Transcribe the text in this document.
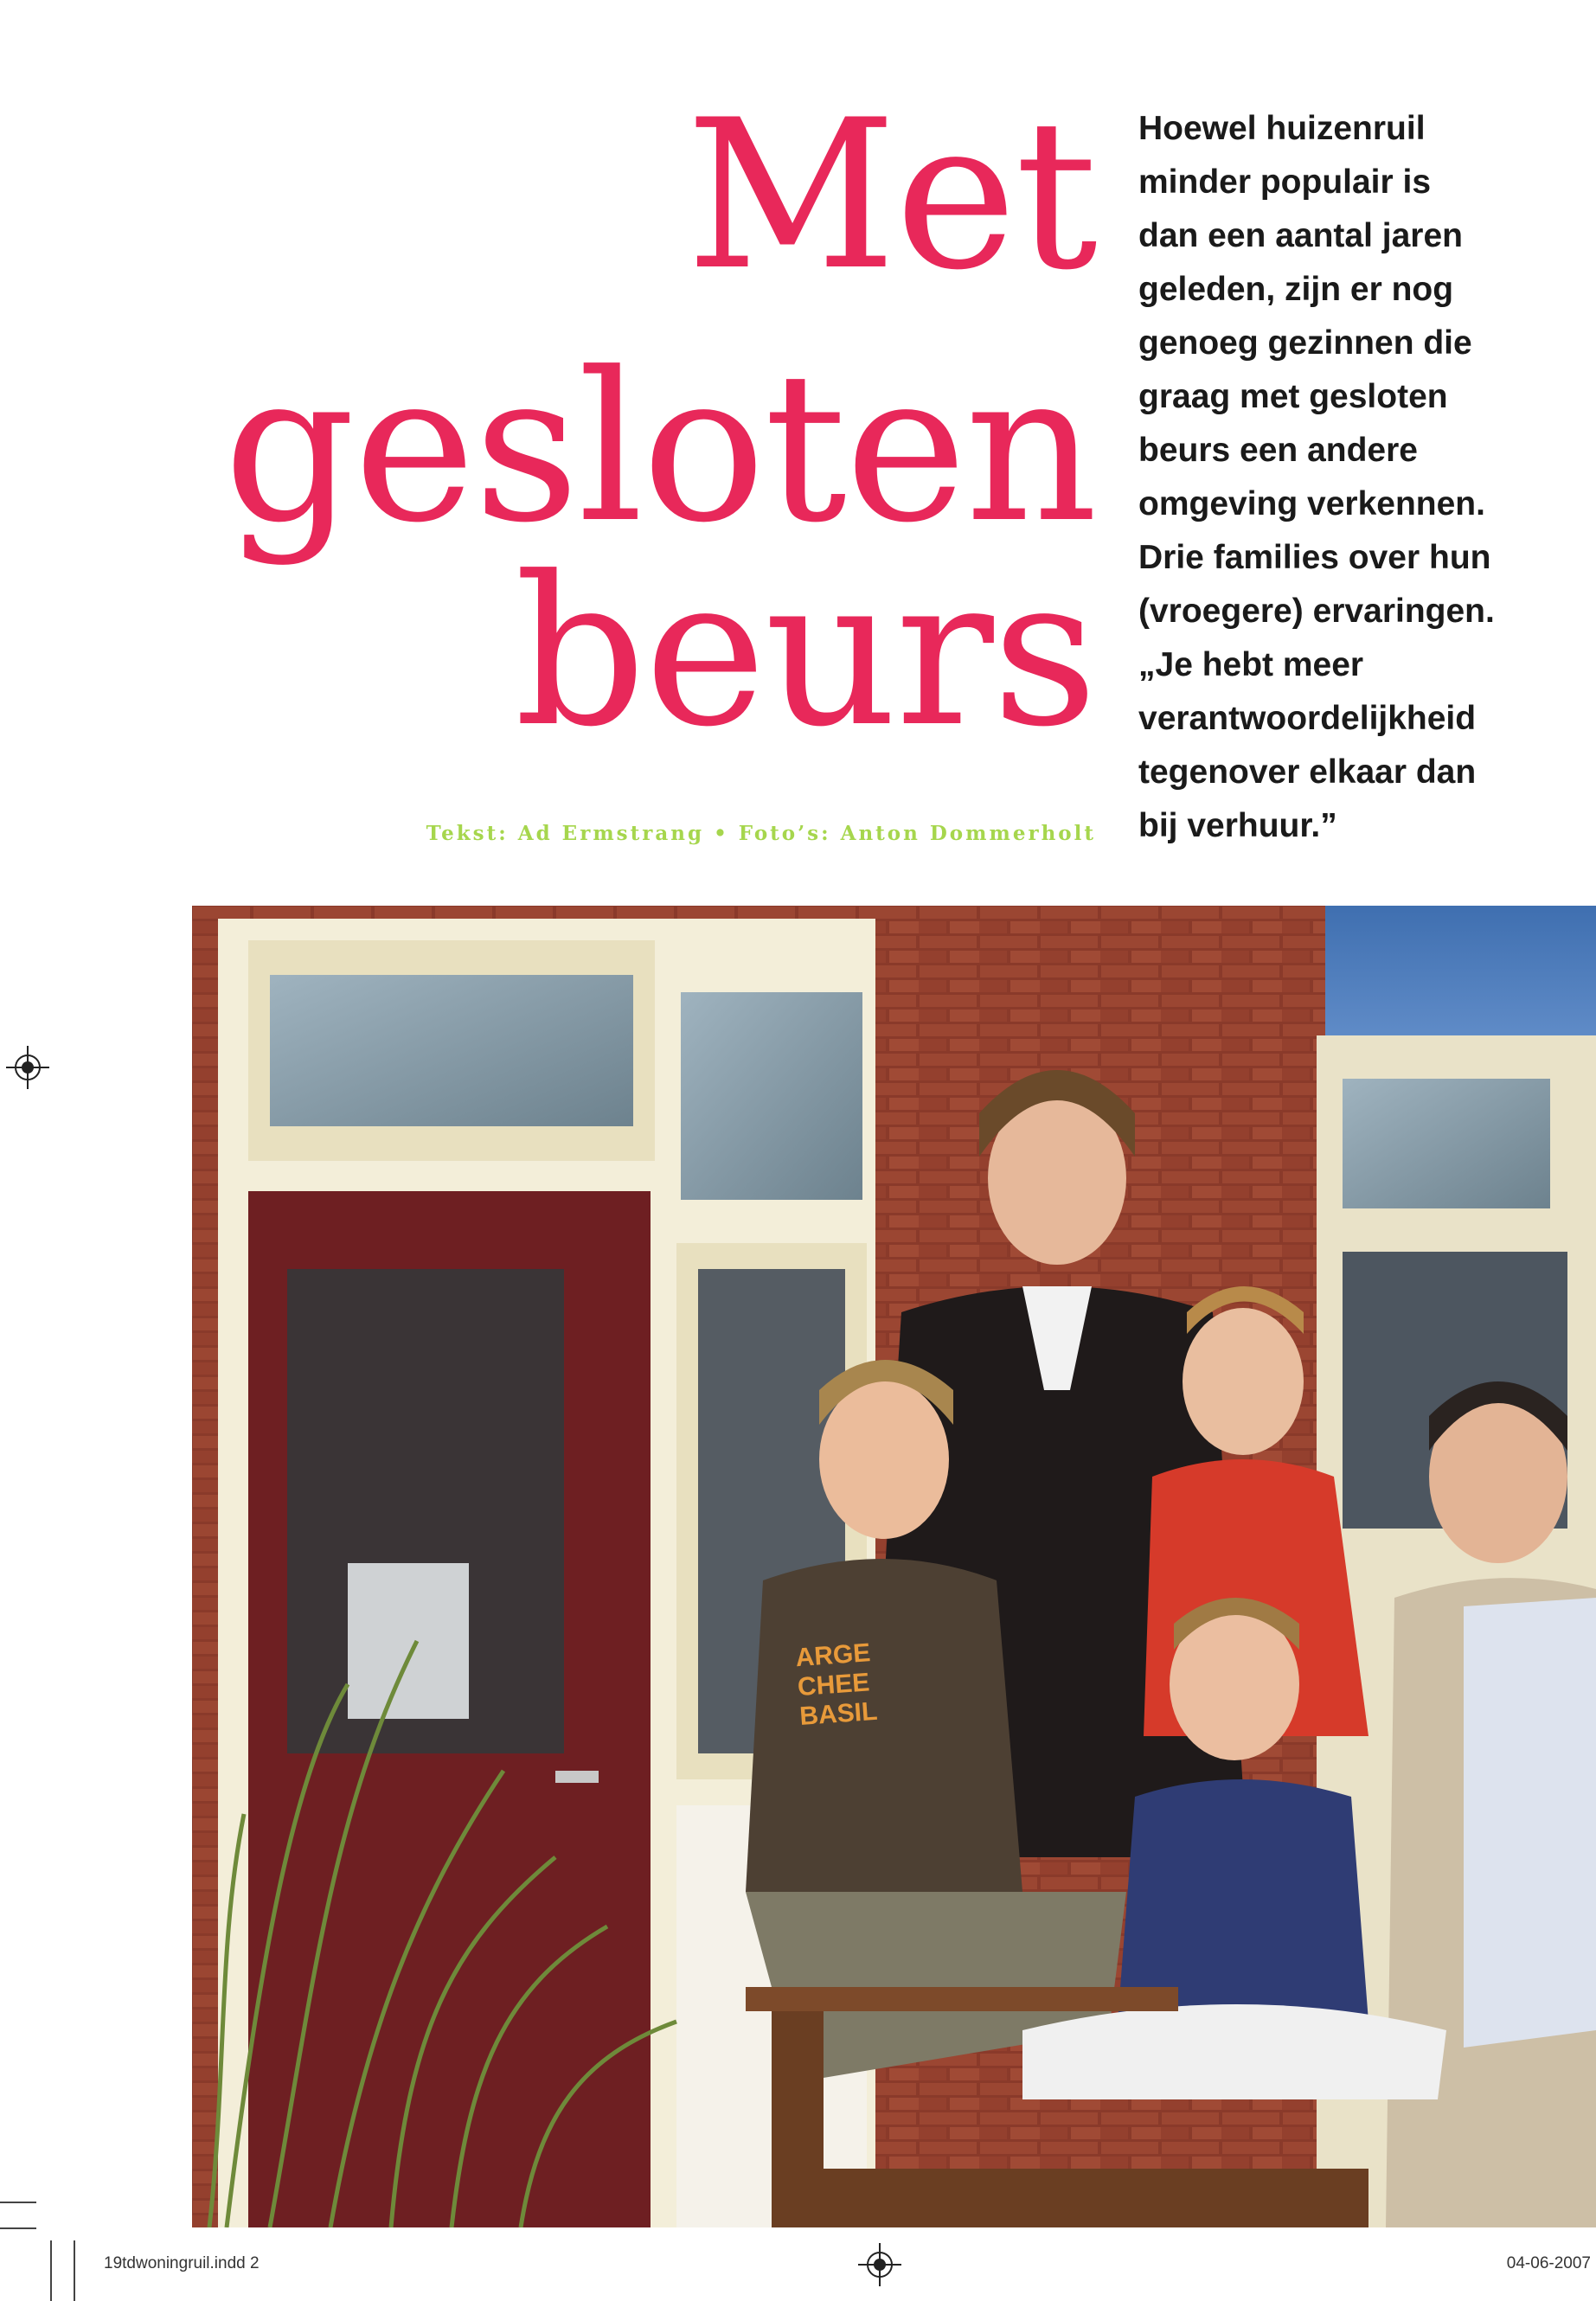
Met
gesloten
beurs

Tekst: Ad Ermstrang • Foto’s: Anton Dommerholt

Hoewel huizenruil
minder populair is
dan een aantal jaren
geleden, zijn er nog
genoeg gezinnen die
graag met gesloten
beurs een andere
omgeving verkennen.
Drie families over hun
(vroegere) ervaringen.
„Je hebt meer
verantwoordelijkheid
tegenover elkaar dan
bij verhuur.”
ARGE
CHEE
BASIL
19tdwoningruil.indd 2	04-06-2007
